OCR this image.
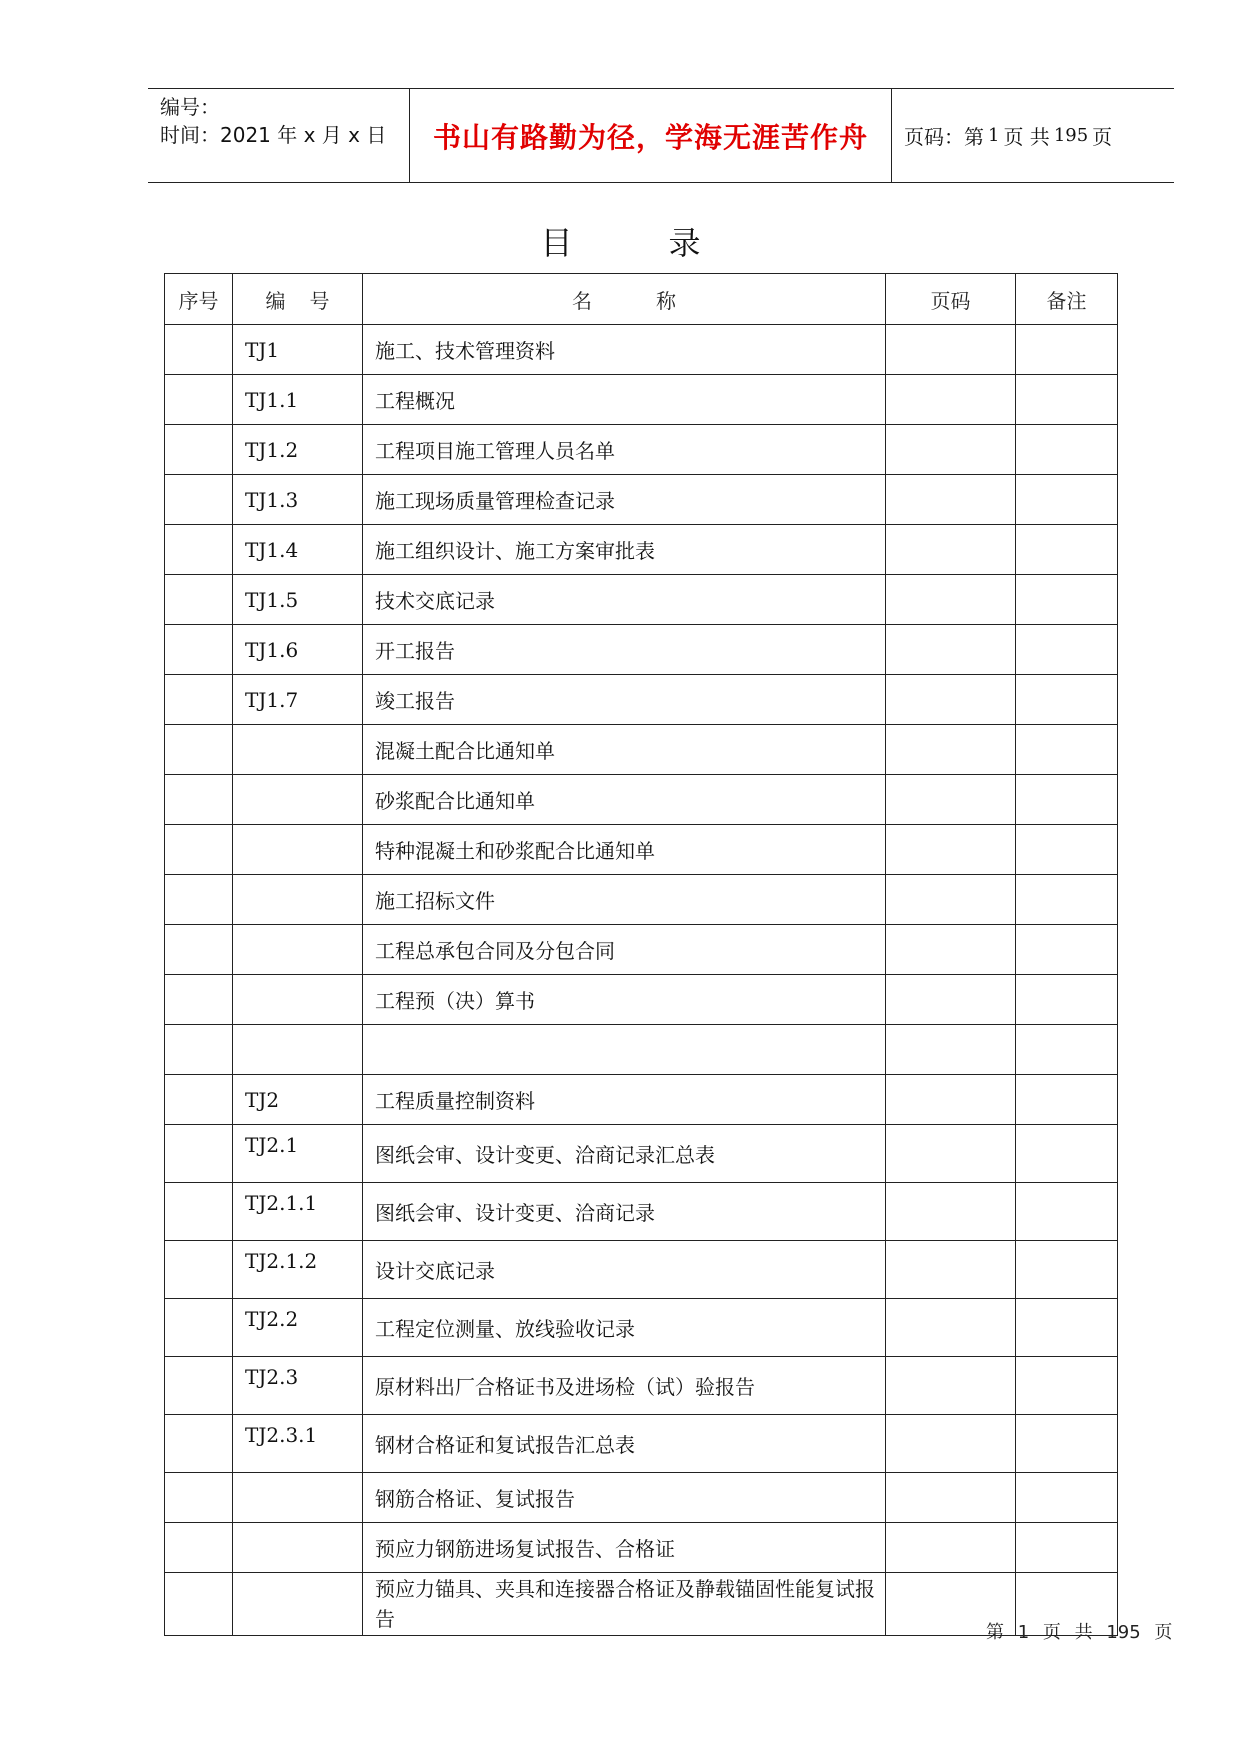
编号：
时间：2021 年 x 月 x 日	书山有路勤为径，学海无涯苦作舟	页码：第 1 页 共 195 页
目	录
序号	编 号	名 称	页码	备注
	TJ1	施工、技术管理资料		
	TJ1.1	工程概况		
	TJ1.2	工程项目施工管理人员名单		
	TJ1.3	施工现场质量管理检查记录		
	TJ1.4	施工组织设计、施工方案审批表		
	TJ1.5	技术交底记录		
	TJ1.6	开工报告		
	TJ1.7	竣工报告		
		混凝土配合比通知单		
		砂浆配合比通知单		
		特种混凝土和砂浆配合比通知单		
		施工招标文件		
		工程总承包合同及分包合同		
		工程预（决）算书		

	TJ2	工程质量控制资料		
	TJ2.1	图纸会审、设计变更、洽商记录汇总表		
	TJ2.1.1	图纸会审、设计变更、洽商记录		
	TJ2.1.2	设计交底记录		
	TJ2.2	工程定位测量、放线验收记录		
	TJ2.3	原材料出厂合格证书及进场检（试）验报告		
	TJ2.3.1	钢材合格证和复试报告汇总表		
		钢筋合格证、复试报告		
		预应力钢筋进场复试报告、合格证		
		预应力锚具、夹具和连接器合格证及静载锚固性能复试报告		
第 1 页 共 195 页
